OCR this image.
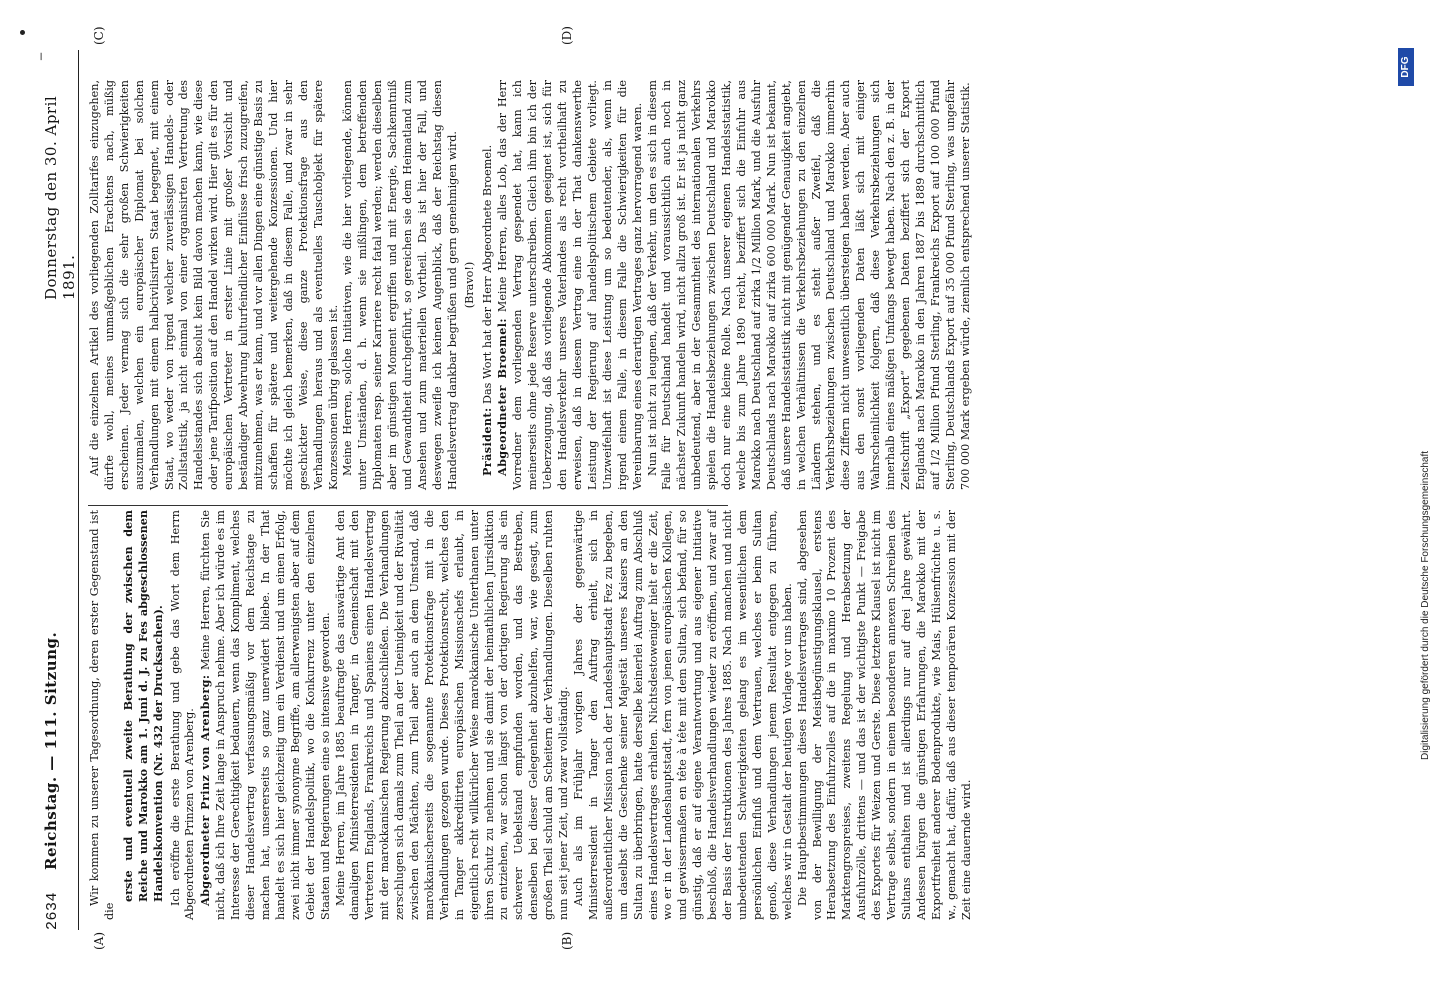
—
2634
Reichstag. — 111. Sitzung.
Donnerstag den 30. April 1891.
(A)	(B)
(C)	(D)

Wir kommen zu unserer Tagesordnung, deren erster Gegenstand ist die

erste und eventuell zweite Berathung der zwischen dem Reiche und Marokko am 1. Juni d. J. zu Fes abgeschlossenen Handelskonvention (Nr. 432 der Drucksachen). Ich eröffne die erste Berathung und gebe das Wort dem Herrn Abgeordneten Prinzen von Arenberg. Abgeordneter Prinz von Arenberg: Meine Herren, fürchten Sie nicht, daß ich Ihre Zeit lange in Anspruch nehme. Aber ich würde es im Interesse der Gerechtigkeit bedauern, wenn das Kompliment, welches dieser Handelsvertrag verfassungsmäßig vor dem Reichstage zu machen hat, unsererseits so ganz unerwidert bliebe. In der That handelt es sich hier gleichzeitig um ein Verdienst und um einen Erfolg, zwei nicht immer synonyme Begriffe, am allerwenigsten aber auf dem Gebiet der Handelspolitik, wo die Konkurrenz unter den einzelnen Staaten und Regierungen eine so intensive geworden. Meine Herren, im Jahre 1885 beauftragte das auswärtige Amt den damaligen Ministerresidenten in Tanger, in Gemeinschaft mit den Vertretern Englands, Frankreichs und Spaniens einen Handelsvertrag mit der marokkanischen Regierung abzuschließen. Die Verhandlungen zerschlugen sich damals zum Theil an der Uneinigkeit und der Rivalität zwischen den Mächten, zum Theil aber auch an dem Umstand, daß marokkanischerseits die sogenannte Protektionsfrage mit in die Verhandlungen gezogen wurde. Dieses Protektionsrecht, welches den in Tanger akkreditirten europäischen Missionschefs erlaubt, in eigentlich recht willkürlicher Weise marokkanische Unterthanen unter ihren Schutz zu nehmen und sie damit der heimathlichen Jurisdiktion zu entziehen, war schon längst von der dortigen Regierung als ein schwerer Uebelstand empfunden worden, und das Bestreben, denselben bei dieser Gelegenheit abzuhelfen, war, wie gesagt, zum großen Theil schuld am Scheitern der Verhandlungen. Dieselben ruhten nun seit jener Zeit, und zwar vollständig. Auch als im Frühjahr vorigen Jahres der gegenwärtige Ministerresident in Tanger den Auftrag erhielt, sich in außerordentlicher Mission nach der Landeshauptstadt Fez zu begeben, um daselbst die Geschenke seiner Majestät unseres Kaisers an den Sultan zu überbringen, hatte derselbe keinerlei Auftrag zum Abschluß eines Handelsvertrages erhalten. Nichtsdestoweniger hielt er die Zeit, wo er in der Landeshauptstadt, fern von jenen europäischen Kollegen, und gewissermaßen en tête à tête mit dem Sultan, sich befand, für so günstig, daß er auf eigene Verantwortung und aus eigener Initiative beschloß, die Handelsverhandlungen wieder zu eröffnen, und zwar auf der Basis der Instruktionen des Jahres 1885. Nach manchen und nicht unbedeutenden Schwierigkeiten gelang es im wesentlichen dem persönlichen Einfluß und dem Vertrauen, welches er beim Sultan genoß, diese Verhandlungen jenem Resultat entgegen zu führen, welches wir in Gestalt der heutigen Vorlage vor uns haben. Die Hauptbestimmungen dieses Handelsvertrages sind, abgesehen von der Bewilligung der Meistbegünstigungsklausel, erstens Herabsetzung des Einfuhrzolles auf die in maximo 10 Prozent des Marktengrospreises, zweitens Regelung und Herabsetzung der Ausfuhrzölle, drittens — und das ist der wichtigste Punkt — Freigabe des Exportes für Weizen und Gerste. Diese letztere Klausel ist nicht im Vertrage selbst, sondern in einem besonderen annexen Schreiben des Sultans enthalten und ist allerdings nur auf drei Jahre gewährt. Andessen bürgen die günstigen Erfahrungen, die Marokko mit der Exportfreiheit anderer Bodenprodukte, wie Mais, Hülsenfrüchte u. s. w., gemacht hat, dafür, daß aus dieser temporären Konzession mit der Zeit eine dauernde wird.

Auf die einzelnen Artikel des vorliegenden Zolltarifes einzugehen, dürfte wohl, meines unmaßgeblichen Erachtens nach, müßig erscheinen. Jeder vermag sich die sehr großen Schwierigkeiten auszumalen, welchen ein europäischer Diplomat bei solchen Verhandlungen mit einem halbcivilisirten Staat begegnet, mit einem Staat, wo weder von irgend welcher zuverlässigen Handels- oder Zollstatistik, ja nicht einmal von einer organisirten Vertretung des Handelsstandes sich absolut kein Bild davon machen kann, wie diese oder jene Tarifposition auf den Handel wirken wird. Hier gilt es für den europäischen Vertreter in erster Linie mit großer Vorsicht und beständiger Abwehrung kulturfeindlicher Einflüsse frisch zuzugreifen, mitzunehmen, was er kann, und vor allen Dingen eine günstige Basis zu schaffen für spätere und weitergehende Konzessionen. Und hier möchte ich gleich bemerken, daß in diesem Falle, und zwar in sehr geschickter Weise, diese ganze Protektionsfrage aus den Verhandlungen heraus und als eventuelles Tauschobjekt für spätere Konzessionen übrig gelassen ist. Meine Herren, solche Initiativen, wie die hier vorliegende, können unter Umständen, d. h. wenn sie mißlingen, dem betreffenden Diplomaten resp. seiner Karriere recht fatal werden; werden dieselben aber im günstigen Moment ergriffen und mit Energie, Sachkenntniß und Gewandtheit durchgeführt, so gereichen sie dem Heimatland zum Ansehen und zum materiellen Vortheil. Das ist hier der Fall, und deswegen zweifle ich keinen Augenblick, daß der Reichstag diesen Handelsvertrag dankbar begrüßen und gern genehmigen wird. (Bravo!)

Präsident: Das Wort hat der Herr Abgeordnete Broemel. Abgeordneter Broemel: Meine Herren, alles Lob, das der Herr Vorredner dem vorliegenden Vertrag gespendet hat, kann ich meinerseits ohne jede Reserve unterschreiben. Gleich ihm bin ich der Ueberzeugung, daß das vorliegende Abkommen geeignet ist, sich für den Handelsverkehr unseres Vaterlandes als recht vortheilhaft zu erweisen, daß in diesem Vertrag eine in der That dankenswerthe Leistung der Regierung auf handelspolitischem Gebiete vorliegt. Unzweifelhaft ist diese Leistung um so bedeutender, als, wenn in irgend einem Falle, in diesem Falle die Schwierigkeiten für die Vereinbarung eines derartigen Vertrages ganz hervorragend waren. Nun ist nicht zu leugnen, daß der Verkehr, um den es sich in diesem Falle für Deutschland handelt und voraussichtlich auch noch in nächster Zukunft handeln wird, nicht allzu groß ist. Er ist ja nicht ganz unbedeutend, aber in der Gesammtheit des internationalen Verkehrs spielen die Handelsbeziehungen zwischen Deutschland und Marokko doch nur eine kleine Rolle. Nach unserer eigenen Handelsstatistik, welche bis zum Jahre 1890 reicht, beziffert sich die Einfuhr aus Marokko nach Deutschland auf zirka 1/2 Million Mark, und die Ausfuhr Deutschlands nach Marokko auf zirka 600 000 Mark. Nun ist bekannt, daß unsere Handelsstatistik nicht mit genügender Genauigkeit angiebt, in welchen Verhältnissen die Verkehrsbeziehungen zu den einzelnen Ländern stehen, und es steht außer Zweifel, daß die Verkehrsbeziehungen zwischen Deutschland und Marokko immerhin diese Ziffern nicht unwesentlich übersteigen haben werden. Aber auch aus den sonst vorliegenden Daten läßt sich mit einiger Wahrscheinlichkeit folgern, daß diese Verkehrsbeziehungen sich innerhalb eines mäßigen Umfangs bewegt haben. Nach den z. B. in der Zeitschrift „Export“ gegebenen Daten beziffert sich der Export Englands nach Marokko in den Jahren 1887 bis 1889 durchschnittlich auf 1/2 Million Pfund Sterling, Frankreichs Export auf 100 000 Pfund Sterling, Deutschlands Export auf 35 000 Pfund Sterling, was ungefähr 700 000 Mark ergeben würde, ziemlich entsprechend unserer Statistik.

DFG
Digitalisierung gefördert durch die Deutsche Forschungsgemeinschaft
